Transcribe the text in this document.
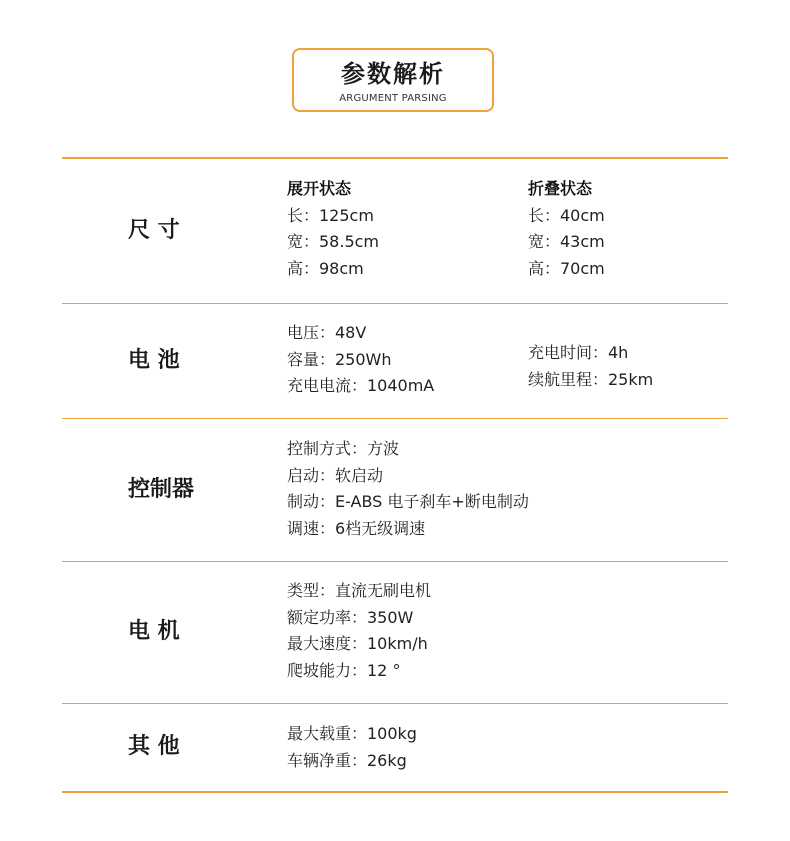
参数解析
ARGUMENT PARSING
尺 寸
展开状态
长：125cm
宽：58.5cm
高：98cm
折叠状态
长：40cm
宽：43cm
高：70cm
电 池
电压：48V
容量：250Wh
充电电流：1040mA
充电时间：4h
续航里程：25km
控制器
控制方式：方波
启动：软启动
制动：E-ABS 电子刹车+断电制动
调速：6档无级调速
电 机
类型：直流无刷电机
额定功率：350W
最大速度：10km/h
爬坡能力：12 °
其 他
最大载重：100kg
车辆净重：26kg
